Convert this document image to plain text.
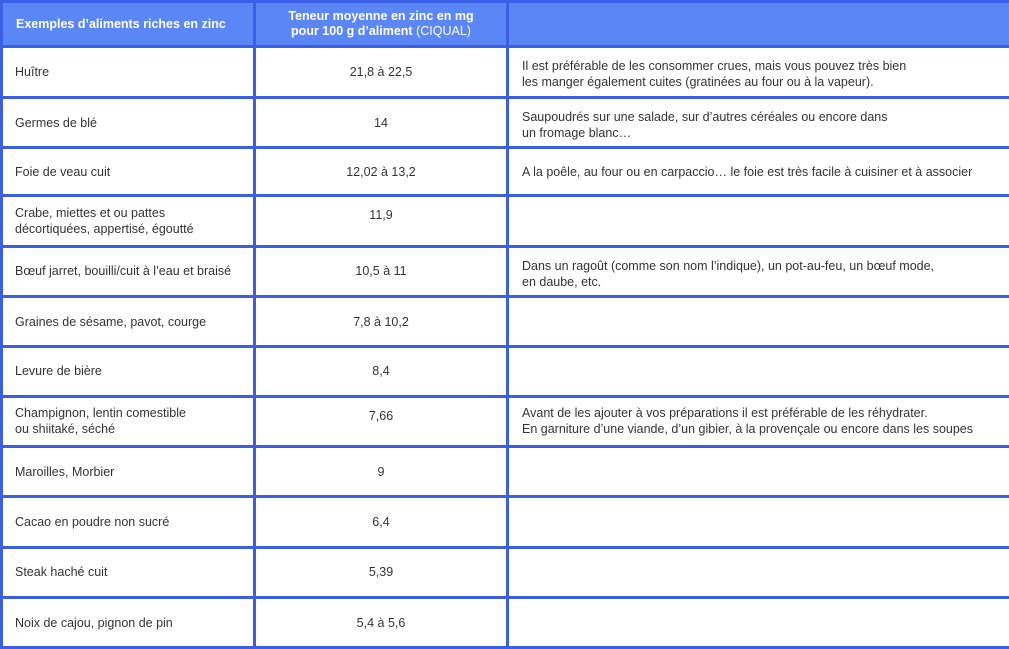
Exemples d’aliments riches en zinc	Teneur moyenne en zinc en mg
pour 100 g d’aliment (CIQUAL)	

Huître	21,8 à 22,5	Il est préférable de les consommer crues, mais vous pouvez très bien
les manger également cuites (gratinées au four ou à la vapeur).

Germes de blé	14	Saupoudrés sur une salade, sur d’autres céréales ou encore dans
un fromage blanc…

Foie de veau cuit	12,02 à 13,2	A la poêle, au four ou en carpaccio… le foie est très facile à cuisiner et à associer

Crabe, miettes et ou pattes
décortiquées, appertisé, égoutté	11,9	

Bœuf jarret, bouilli/cuit à l’eau et braisé	10,5 à 11	Dans un ragoût (comme son nom l’indique), un pot-au-feu, un bœuf mode,
en daube, etc.

Graines de sésame, pavot, courge	7,8 à 10,2	

Levure de bière	8,4	

Champignon, lentin comestible
ou shiitaké, séché	7,66	Avant de les ajouter à vos préparations il est préférable de les réhydrater.
En garniture d’une viande, d’un gibier, à la provençale ou encore dans les soupes

Maroilles, Morbier	9	

Cacao en poudre non sucré	6,4	

Steak haché cuit	5,39	

Noix de cajou, pignon de pin	5,4 à 5,6	
